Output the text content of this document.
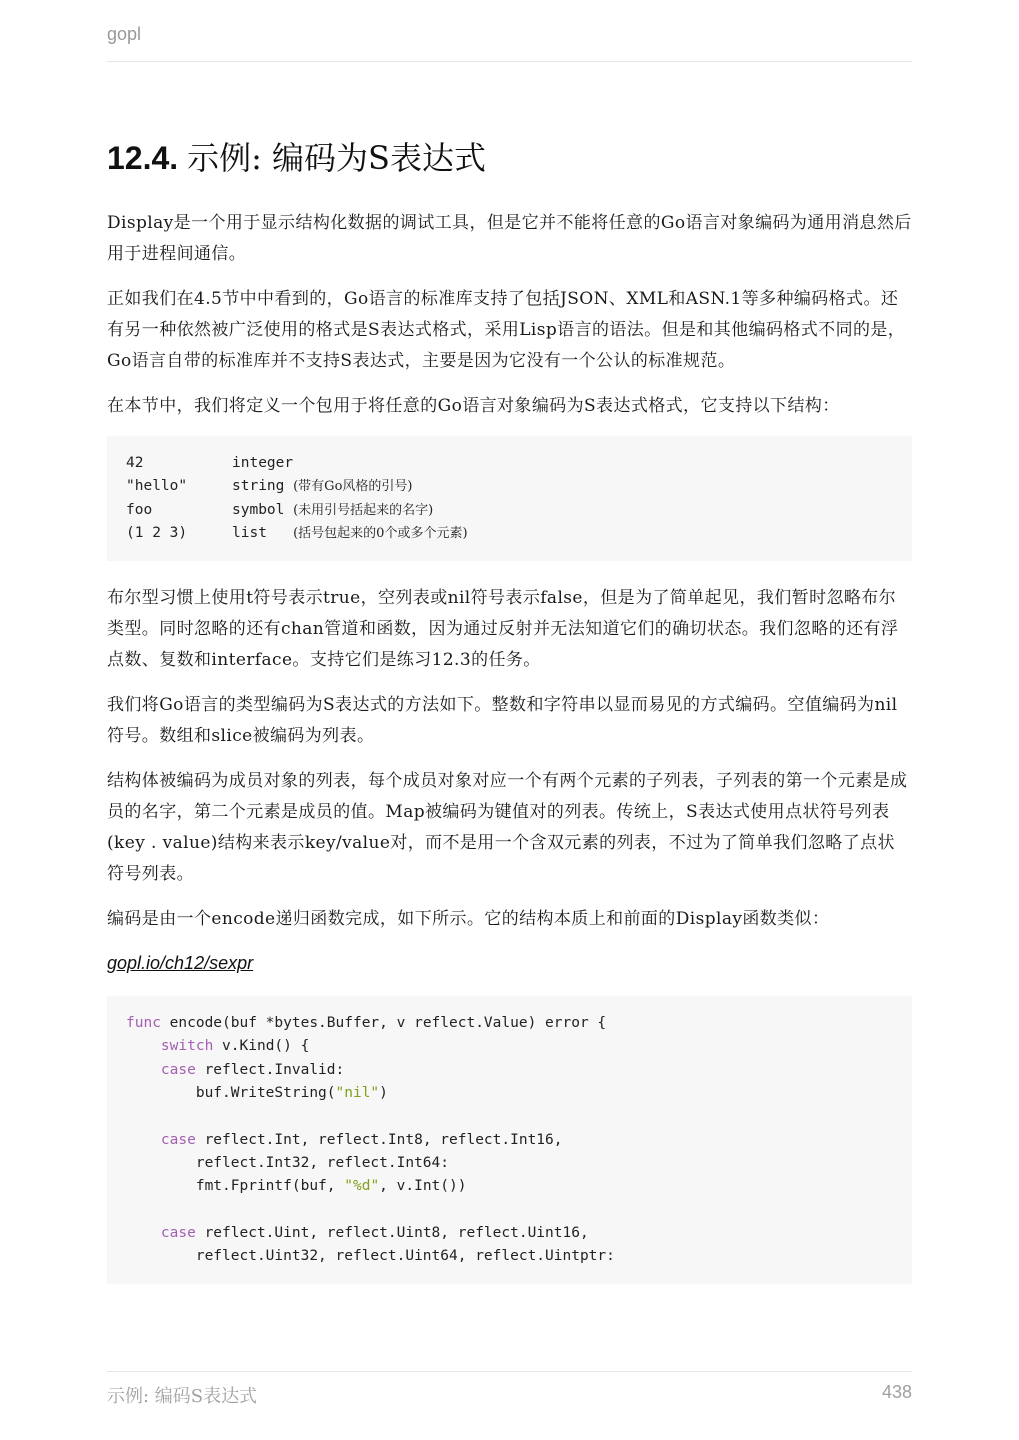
gopl
12.4. 示例: 编码为S表达式

Display是一个用于显示结构化数据的调试工具，但是它并不能将任意的Go语言对象编码为通用消息然后用于进程间通信。

正如我们在4.5节中中看到的，Go语言的标准库支持了包括JSON、XML和ASN.1等多种编码格式。还有另一种依然被广泛使用的格式是S表达式格式，采用Lisp语言的语法。但是和其他编码格式不同的是，Go语言自带的标准库并不支持S表达式，主要是因为它没有一个公认的标准规范。

在本节中，我们将定义一个包用于将任意的Go语言对象编码为S表达式格式，它支持以下结构：

42	integer
"hello"	string (带有Go风格的引号)
foo	symbol (未用引号括起来的名字)
(1 2 3)	list   (括号包起来的0个或多个元素)

布尔型习惯上使用t符号表示true，空列表或nil符号表示false，但是为了简单起见，我们暂时忽略布尔类型。同时忽略的还有chan管道和函数，因为通过反射并无法知道它们的确切状态。我们忽略的还有浮点数、复数和interface。支持它们是练习12.3的任务。

我们将Go语言的类型编码为S表达式的方法如下。整数和字符串以显而易见的方式编码。空值编码为nil符号。数组和slice被编码为列表。

结构体被编码为成员对象的列表，每个成员对象对应一个有两个元素的子列表，子列表的第一个元素是成员的名字，第二个元素是成员的值。Map被编码为键值对的列表。传统上，S表达式使用点状符号列表(key . value)结构来表示key/value对，而不是用一个含双元素的列表，不过为了简单我们忽略了点状符号列表。

编码是由一个encode递归函数完成，如下所示。它的结构本质上和前面的Display函数类似：

gopl.io/ch12/sexpr
func encode(buf *bytes.Buffer, v reflect.Value) error {
switch v.Kind() {
case reflect.Invalid:
buf.WriteString("nil")

case reflect.Int, reflect.Int8, reflect.Int16,
reflect.Int32, reflect.Int64:
fmt.Fprintf(buf, "%d", v.Int())

case reflect.Uint, reflect.Uint8, reflect.Uint16,
reflect.Uint32, reflect.Uint64, reflect.Uintptr:
示例: 编码S表达式	438
